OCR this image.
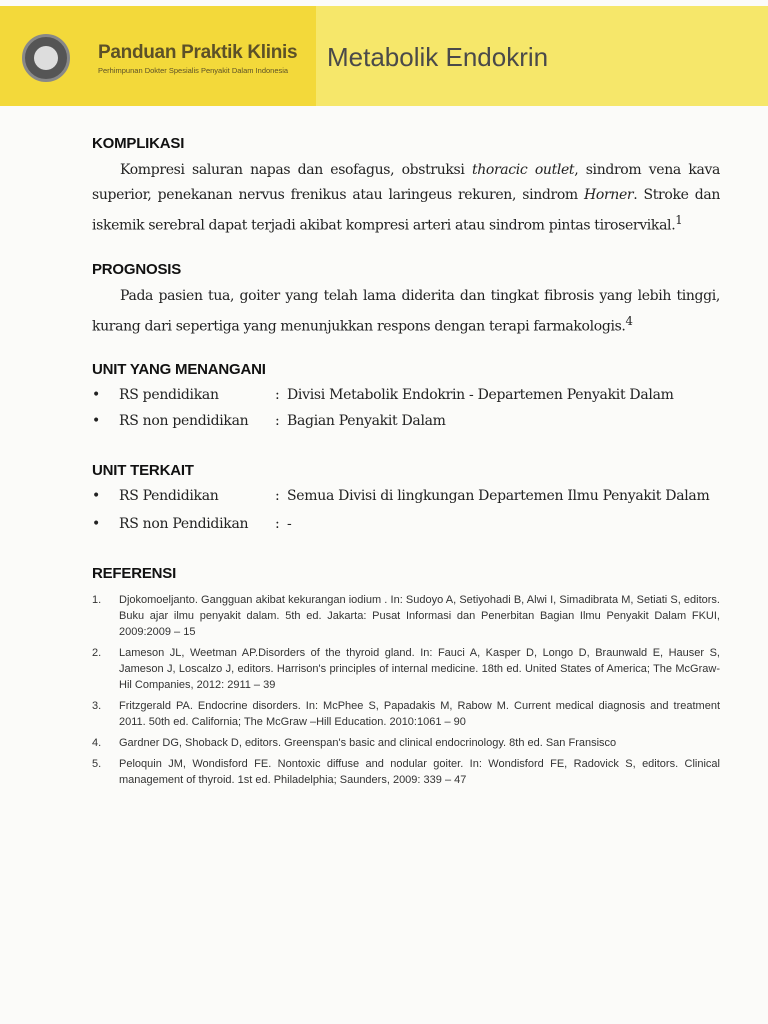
Panduan Praktik Klinis
Perhimpunan Dokter Spesialis Penyakit Dalam Indonesia Metabolik Endokrin
KOMPLIKASI

Kompresi saluran napas dan esofagus, obstruksi thoracic outlet, sindrom vena kava superior, penekanan nervus frenikus atau laringeus rekuren, sindrom Horner. Stroke dan iskemik serebral dapat terjadi akibat kompresi arteri atau sindrom pintas tiroservikal.$^1$

PROGNOSIS

Pada pasien tua, goiter yang telah lama diderita dan tingkat fibrosis yang lebih tinggi, kurang dari sepertiga yang menunjukkan respons dengan terapi farmakologis.$^4$

UNIT YANG MENANGANI
•	RS pendidikan	: Divisi Metabolik Endokrin - Departemen Penyakit Dalam
•	RS non pendidikan	: Bagian Penyakit Dalam
UNIT TERKAIT
•	RS Pendidikan	: Semua Divisi di lingkungan Departemen Ilmu Penyakit Dalam
•	RS non Pendidikan	: -
REFERENSI
1.	Djokomoeljanto. Gangguan akibat kekurangan iodium . In: Sudoyo A, Setiyohadi B, Alwi I, Simadibrata M, Setiati S, editors. Buku ajar ilmu penyakit dalam. 5th ed. Jakarta: Pusat Informasi dan Penerbitan Bagian Ilmu Penyakit Dalam FKUI, 2009:2009 – 15
2.	Lameson JL, Weetman AP.Disorders of the thyroid gland. In: Fauci A, Kasper D, Longo D, Braunwald E, Hauser S, Jameson J, Loscalzo J, editors. Harrison's principles of internal medicine. 18th ed. United States of America; The McGraw-Hil Companies, 2012: 2911 – 39
3.	Fritzgerald PA. Endocrine disorders. In: McPhee S, Papadakis M, Rabow M. Current medical diagnosis and treatment 2011. 50th ed. California; The McGraw –Hill Education. 2010:1061 – 90
4.	Gardner DG, Shoback D, editors. Greenspan's basic and clinical endocrinology. 8th ed. San Fransisco
5.	Peloquin JM, Wondisford FE. Nontoxic diffuse and nodular goiter. In: Wondisford FE, Radovick S, editors. Clinical management of thyroid. 1st ed. Philadelphia; Saunders, 2009: 339 – 47
